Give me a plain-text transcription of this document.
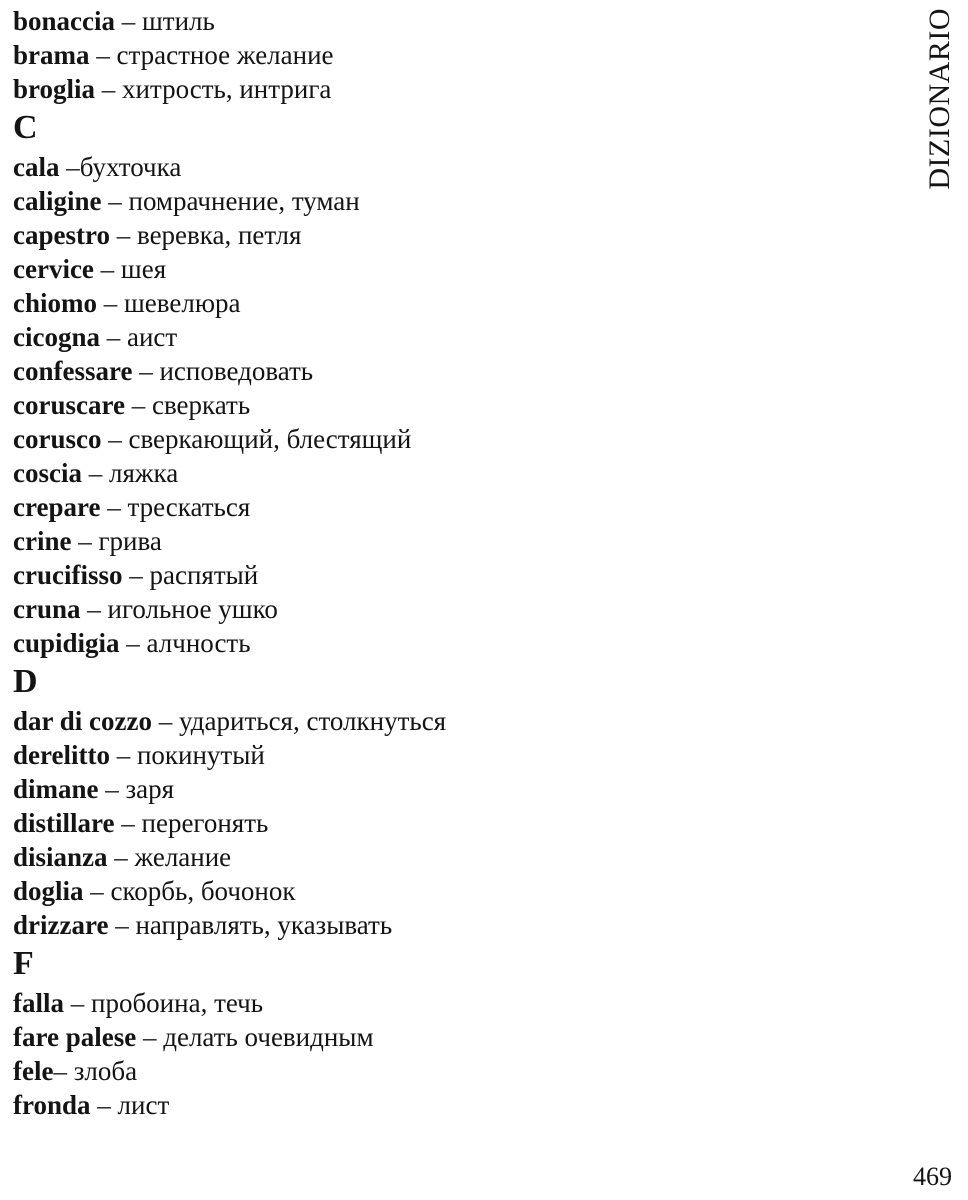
bonaccia – штиль
brama – страстное желание
broglia – хитрость, интрига
C
cala –бухточка
caligine – помрачнение, туман
capestro – веревка, петля
cervice – шея
chiomo – шевелюра
cicogna – аист
confessare – исповедовать
coruscare – сверкать
corusco – сверкающий, блестящий
coscia – ляжка
crepare – трескаться
crine – грива
crucifisso – распятый
cruna – игольное ушко
cupidigia – алчность
D
dar di cozzo – удариться, столкнуться
derelitto – покинутый
dimane – заря
distillare – перегонять
disianza – желание
doglia – скорбь, бочонок
drizzare – направлять, указывать
F
falla – пробоина, течь
fare palese – делать очевидным
fele– злоба
fronda – лист
DIZIONARIO
469
